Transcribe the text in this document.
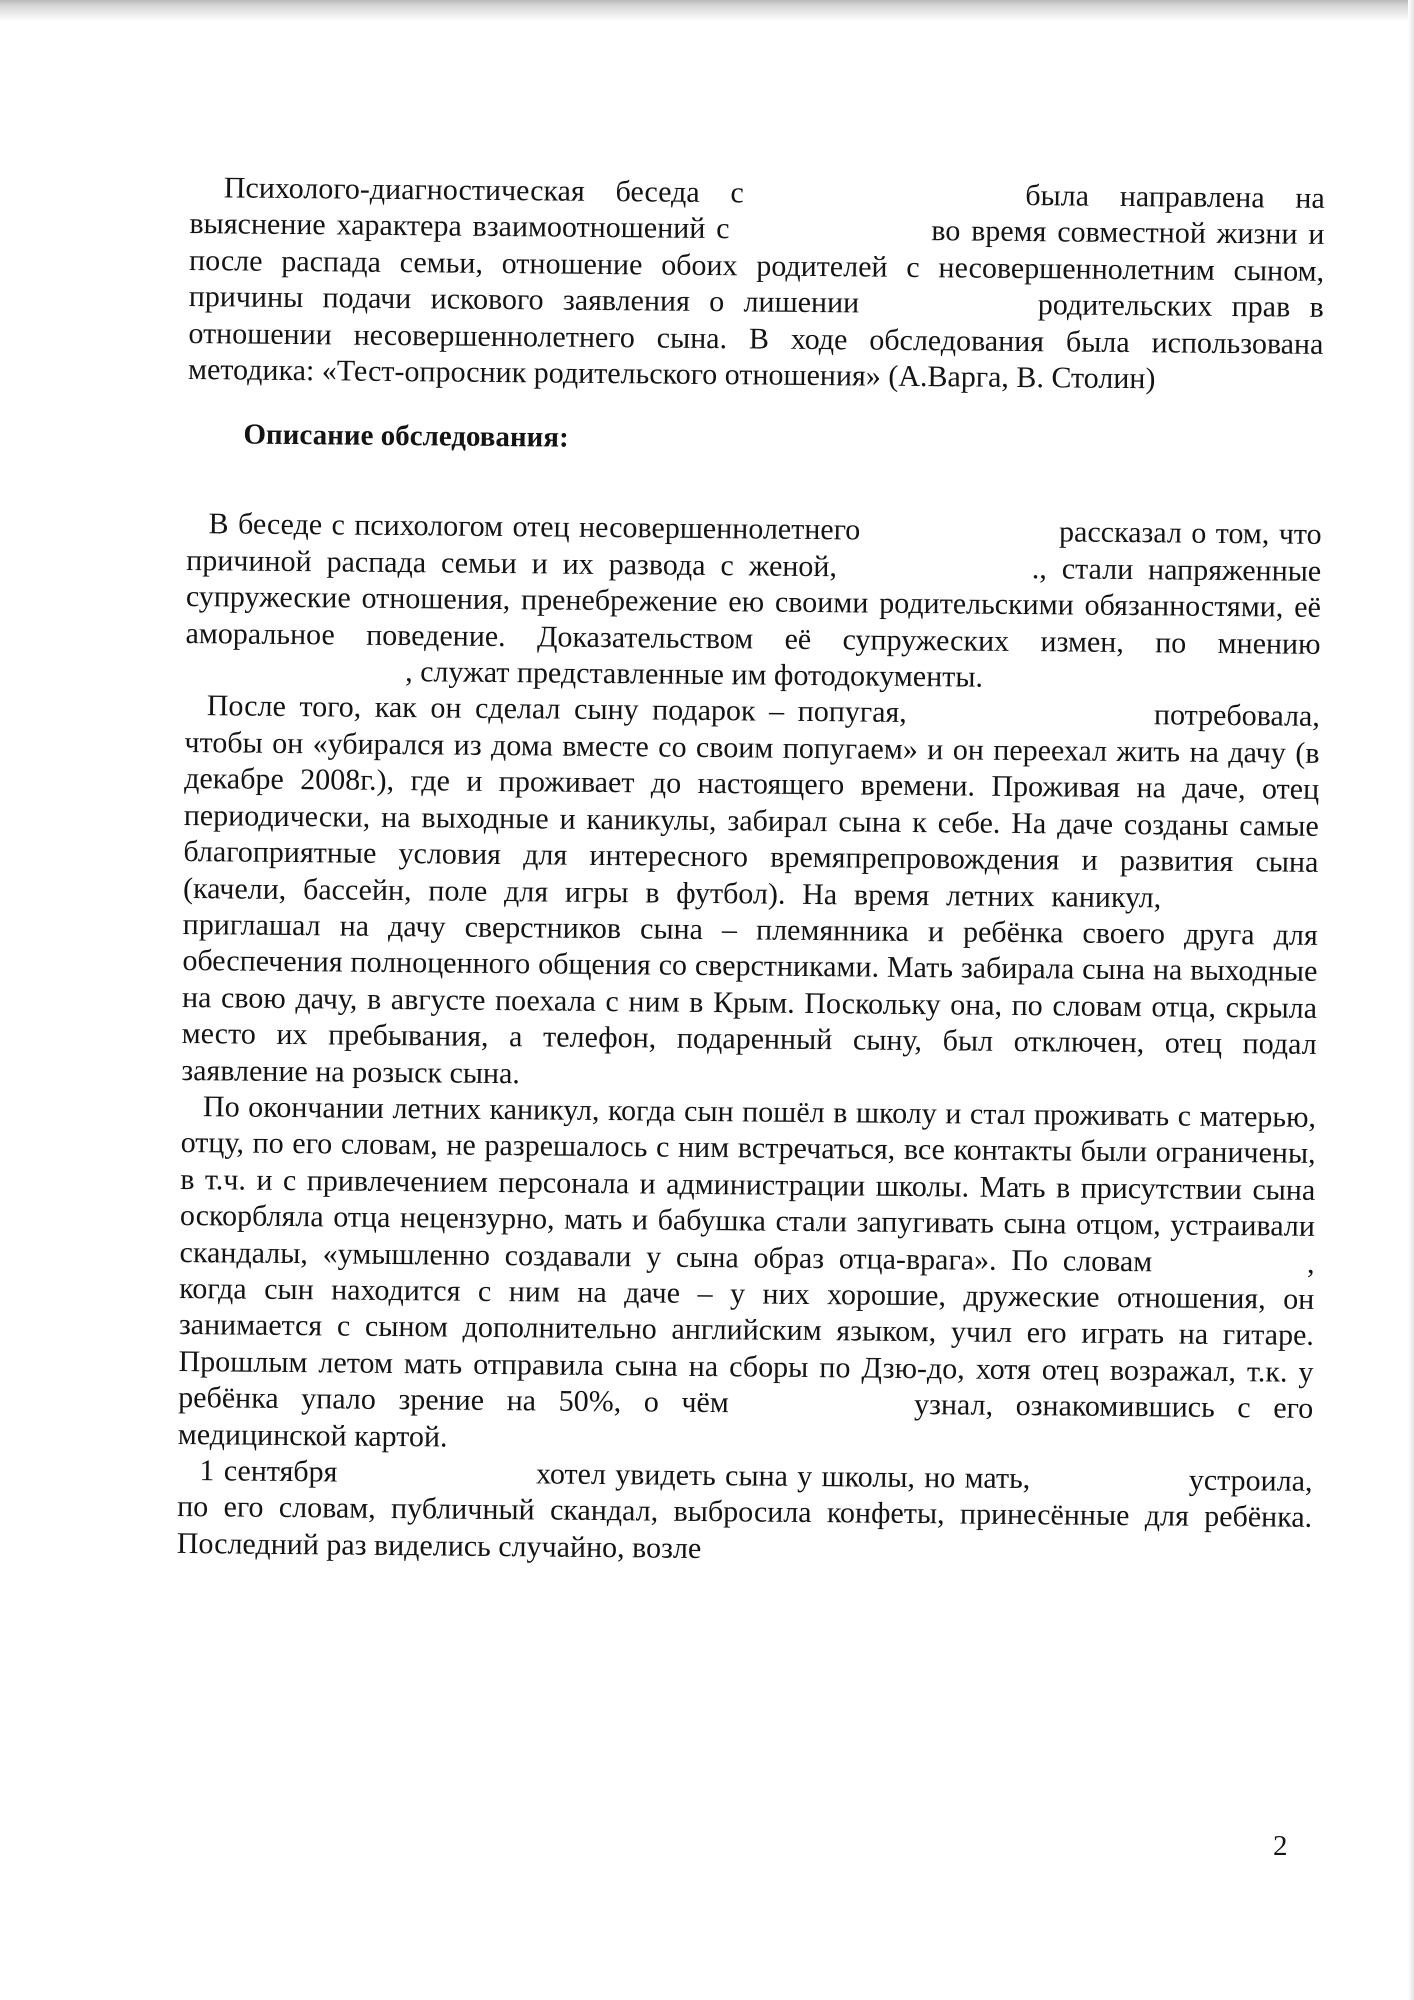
Психолого-диагностическая беседа с	была направлена на выяснение характера взаимоотношений с	во время совместной жизни и после распада семьи, отношение обоих родителей с несовершеннолетним сыном, причины подачи искового заявления о лишении	родительских прав в отношении несовершеннолетнего сына. В ходе обследования была использована методика: «Тест-опросник родительского отношения» (А.Варга, В. Столин)

Описание обследования:

В беседе с психологом отец несовершеннолетнего	рассказал о том, что причиной распада семьи и их развода с женой,	., стали напряженные супружеские отношения, пренебрежение ею своими родительскими обязанностями, её аморальное поведение. Доказательством её супружеских измен, по мнению , служат представленные им фотодокументы.

После того, как он сделал сыну подарок – попугая,	потребовала, чтобы он «убирался из дома вместе со своим попугаем» и он переехал жить на дачу (в декабре 2008г.), где и проживает до настоящего времени. Проживая на даче, отец периодически, на выходные и каникулы, забирал сына к себе. На даче созданы самые благоприятные условия для интересного времяпрепровождения и развития сына (качели, бассейн, поле для игры в футбол). На время летних каникул,  приглашал на дачу сверстников сына – племянника и ребёнка своего друга для обеспечения полноценного общения со сверстниками. Мать забирала сына на выходные на свою дачу, в августе поехала с ним в Крым. Поскольку она, по словам отца, скрыла место их пребывания, а телефон, подаренный сыну, был отключен, отец подал заявление на розыск сына.

По окончании летних каникул, когда сын пошёл в школу и стал проживать с матерью, отцу, по его словам, не разрешалось с ним встречаться, все контакты были ограничены, в т.ч. и с привлечением персонала и администрации школы. Мать в присутствии сына оскорбляла отца нецензурно, мать и бабушка стали запугивать сына отцом, устраивали скандалы, «умышленно создавали у сына образ отца-врага». По словам	, когда сын находится с ним на даче – у них хорошие, дружеские отношения, он занимается с сыном дополнительно английским языком, учил его играть на гитаре. Прошлым летом мать отправила сына на сборы по Дзю-до, хотя отец возражал, т.к. у ребёнка упало зрение на 50%, о чём	узнал, ознакомившись с его медицинской картой.

1 сентября	хотел увидеть сына у школы, но мать,	устроила, по его словам, публичный скандал, выбросила конфеты, принесённые для ребёнка. Последний раз виделись случайно, возле

2
